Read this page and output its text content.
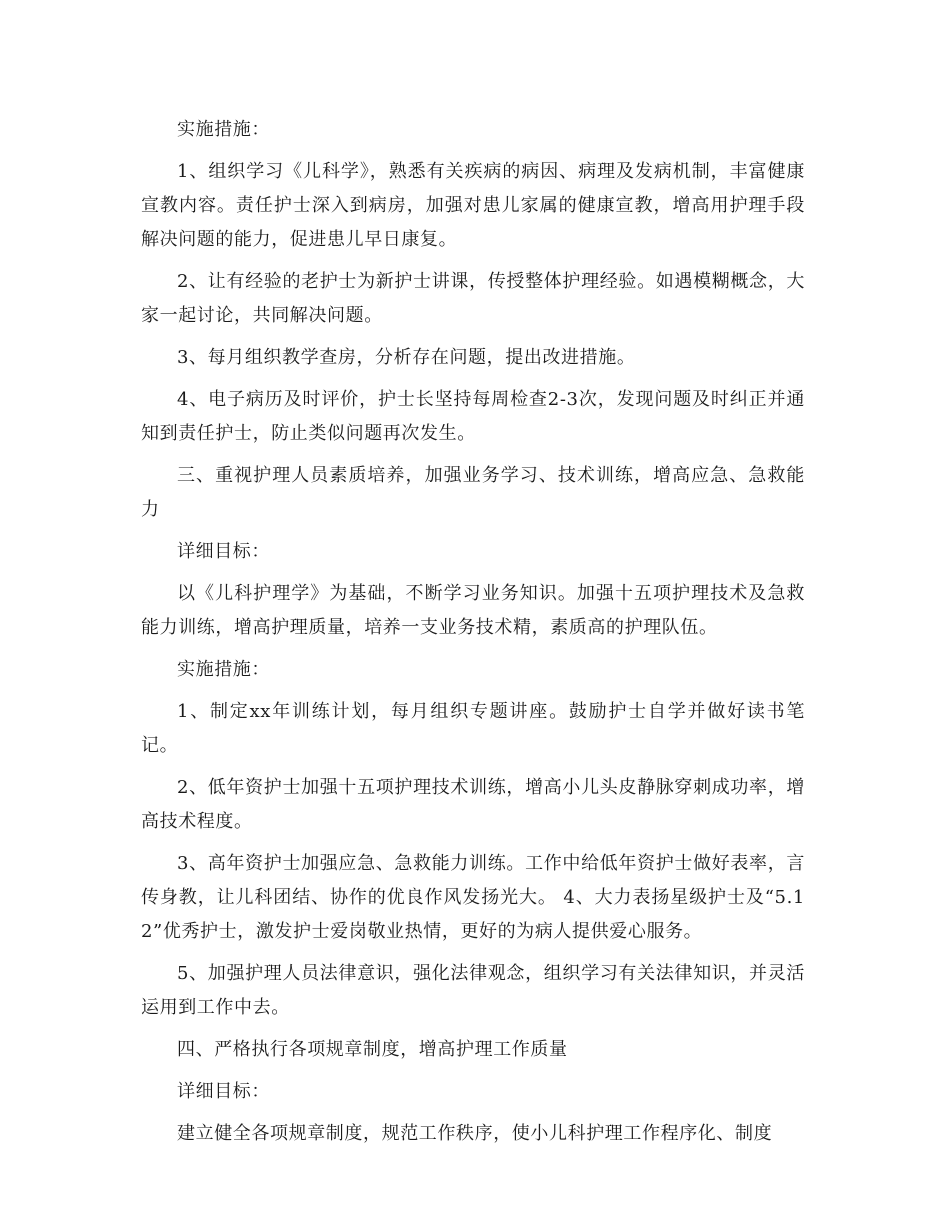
实施措施：

1、组织学习《儿科学》，熟悉有关疾病的病因、病理及发病机制，丰富健康宣教内容。责任护士深入到病房，加强对患儿家属的健康宣教，增高用护理手段解决问题的能力，促进患儿早日康复。

2、让有经验的老护士为新护士讲课，传授整体护理经验。如遇模糊概念，大家一起讨论，共同解决问题。

3、每月组织教学查房，分析存在问题，提出改进措施。

4、电子病历及时评价，护士长坚持每周检查2-3次，发现问题及时纠正并通知到责任护士，防止类似问题再次发生。

三、重视护理人员素质培养，加强业务学习、技术训练，增高应急、急救能力

详细目标：

以《儿科护理学》为基础，不断学习业务知识。加强十五项护理技术及急救能力训练，增高护理质量，培养一支业务技术精，素质高的护理队伍。

实施措施：

1、制定xx年训练计划，每月组织专题讲座。鼓励护士自学并做好读书笔记。

2、低年资护士加强十五项护理技术训练，增高小儿头皮静脉穿刺成功率，增高技术程度。

3、高年资护士加强应急、急救能力训练。工作中给低年资护士做好表率，言传身教，让儿科团结、协作的优良作风发扬光大。 4、大力表扬星级护士及“5.12”优秀护士，激发护士爱岗敬业热情，更好的为病人提供爱心服务。

5、加强护理人员法律意识，强化法律观念，组织学习有关法律知识，并灵活运用到工作中去。

四、严格执行各项规章制度，增高护理工作质量

详细目标：

建立健全各项规章制度，规范工作秩序，使小儿科护理工作程序化、制度
